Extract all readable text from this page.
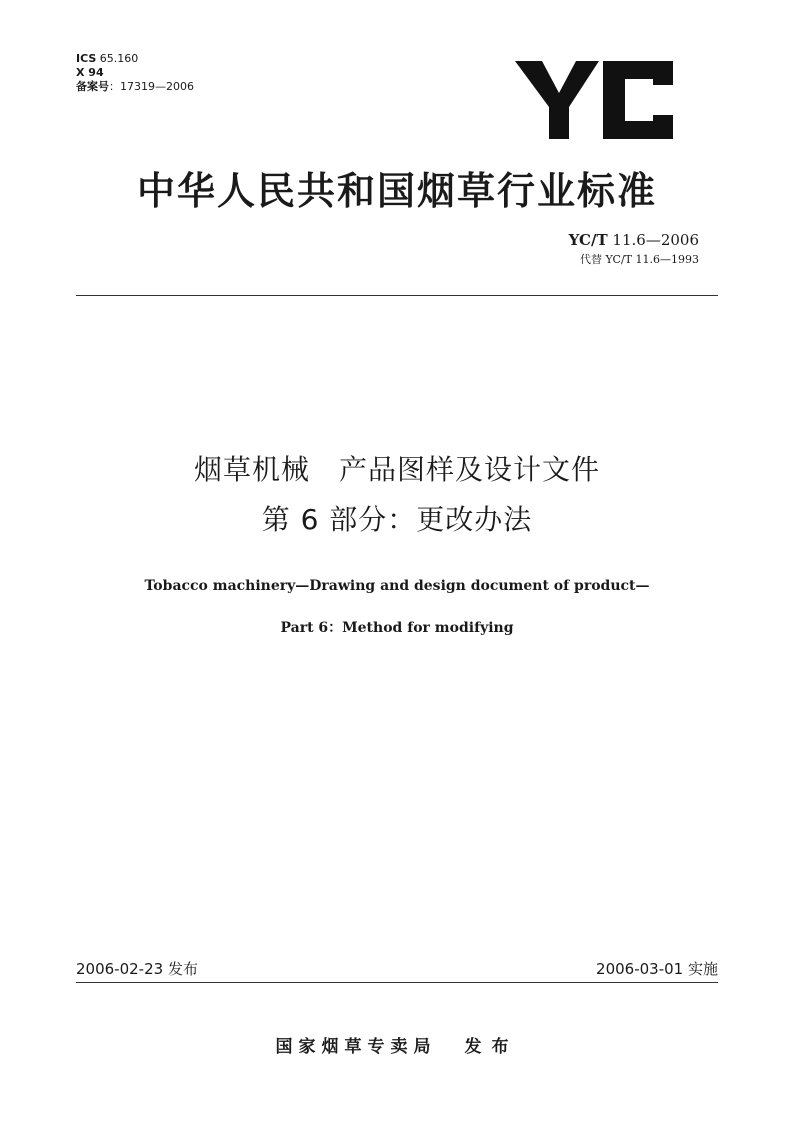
ICS 65.160
X 94
备案号：17319—2006
中华人民共和国烟草行业标准
YC/T 11.6—2006
代替 YC/T 11.6—1993
烟草机械　产品图样及设计文件
第 6 部分：更改办法
Tobacco machinery—Drawing and design document of product—
Part 6：Method for modifying
2006-02-23 发布	2006-03-01 实施
国家烟草专卖局 发布
